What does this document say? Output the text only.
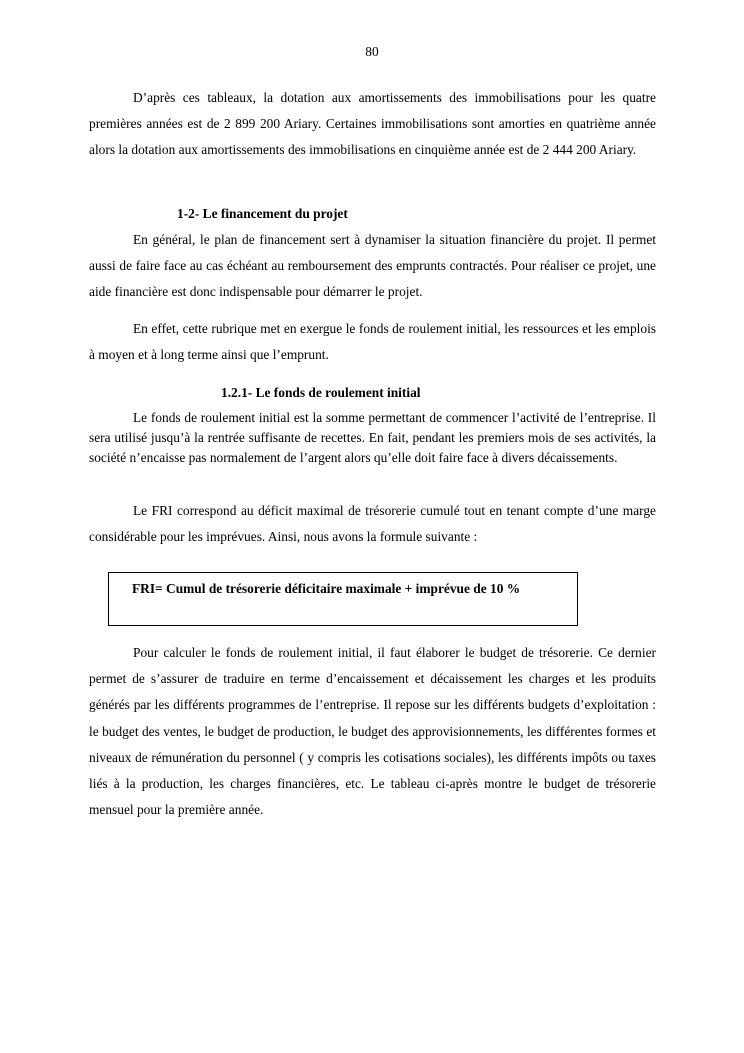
80

D’après ces tableaux, la dotation aux amortissements des immobilisations pour les quatre premières années est de 2 899 200 Ariary. Certaines immobilisations sont amorties en quatrième année alors la dotation aux amortissements des immobilisations en cinquième année est de 2 444 200 Ariary.

1-2- Le financement du projet

En général, le plan de financement sert à dynamiser la situation financière du projet. Il permet aussi de faire face au cas échéant au remboursement des emprunts contractés. Pour réaliser ce projet, une aide financière est donc indispensable pour démarrer le projet.

En effet, cette rubrique met en exergue le fonds de roulement initial, les ressources et les emplois à moyen et à long terme ainsi que l’emprunt.

1.2.1- Le fonds de roulement initial

Le fonds de roulement initial est la somme permettant de commencer l’activité de l’entreprise. Il sera utilisé jusqu’à la rentrée suffisante de recettes. En fait, pendant les premiers mois de ses activités, la société n’encaisse pas normalement de l’argent alors qu’elle doit faire face à divers décaissements.

Le FRI correspond au déficit maximal de trésorerie cumulé tout en tenant compte d’une marge considérable pour les imprévues. Ainsi, nous avons la formule suivante :

FRI= Cumul de trésorerie déficitaire maximale + imprévue de 10 %

Pour calculer le fonds de roulement initial, il faut élaborer le budget de trésorerie. Ce dernier permet de s’assurer de traduire en terme d’encaissement et décaissement les charges et les produits générés par les différents programmes de l’entreprise. Il repose sur les différents budgets d’exploitation : le budget des ventes, le budget de production, le budget des approvisionnements, les différentes formes et niveaux de rémunération du personnel ( y compris les cotisations sociales), les différents impôts ou taxes liés à la production, les charges financières, etc. Le tableau ci-après montre le budget de trésorerie mensuel pour la première année.
